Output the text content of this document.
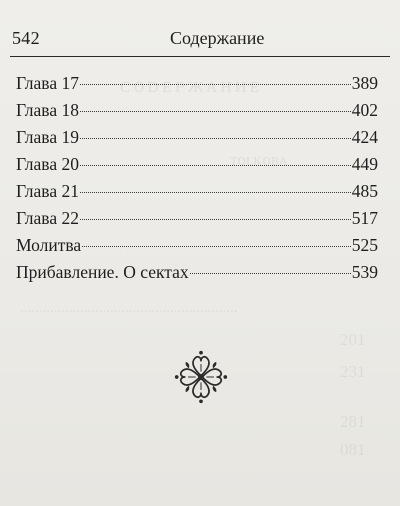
ᴄᴏᴅᴇᴘжᴀнᴎᴇ
ᴛᴏʟᴋᴏʙᴀ
..........................................................
201
231
281
081
542	Содержание
Глава 17	389
Глава 18	402
Глава 19	424
Глава 20	449
Глава 21	485
Глава 22	517
Молитва	525
Прибавление. О сектах	539
